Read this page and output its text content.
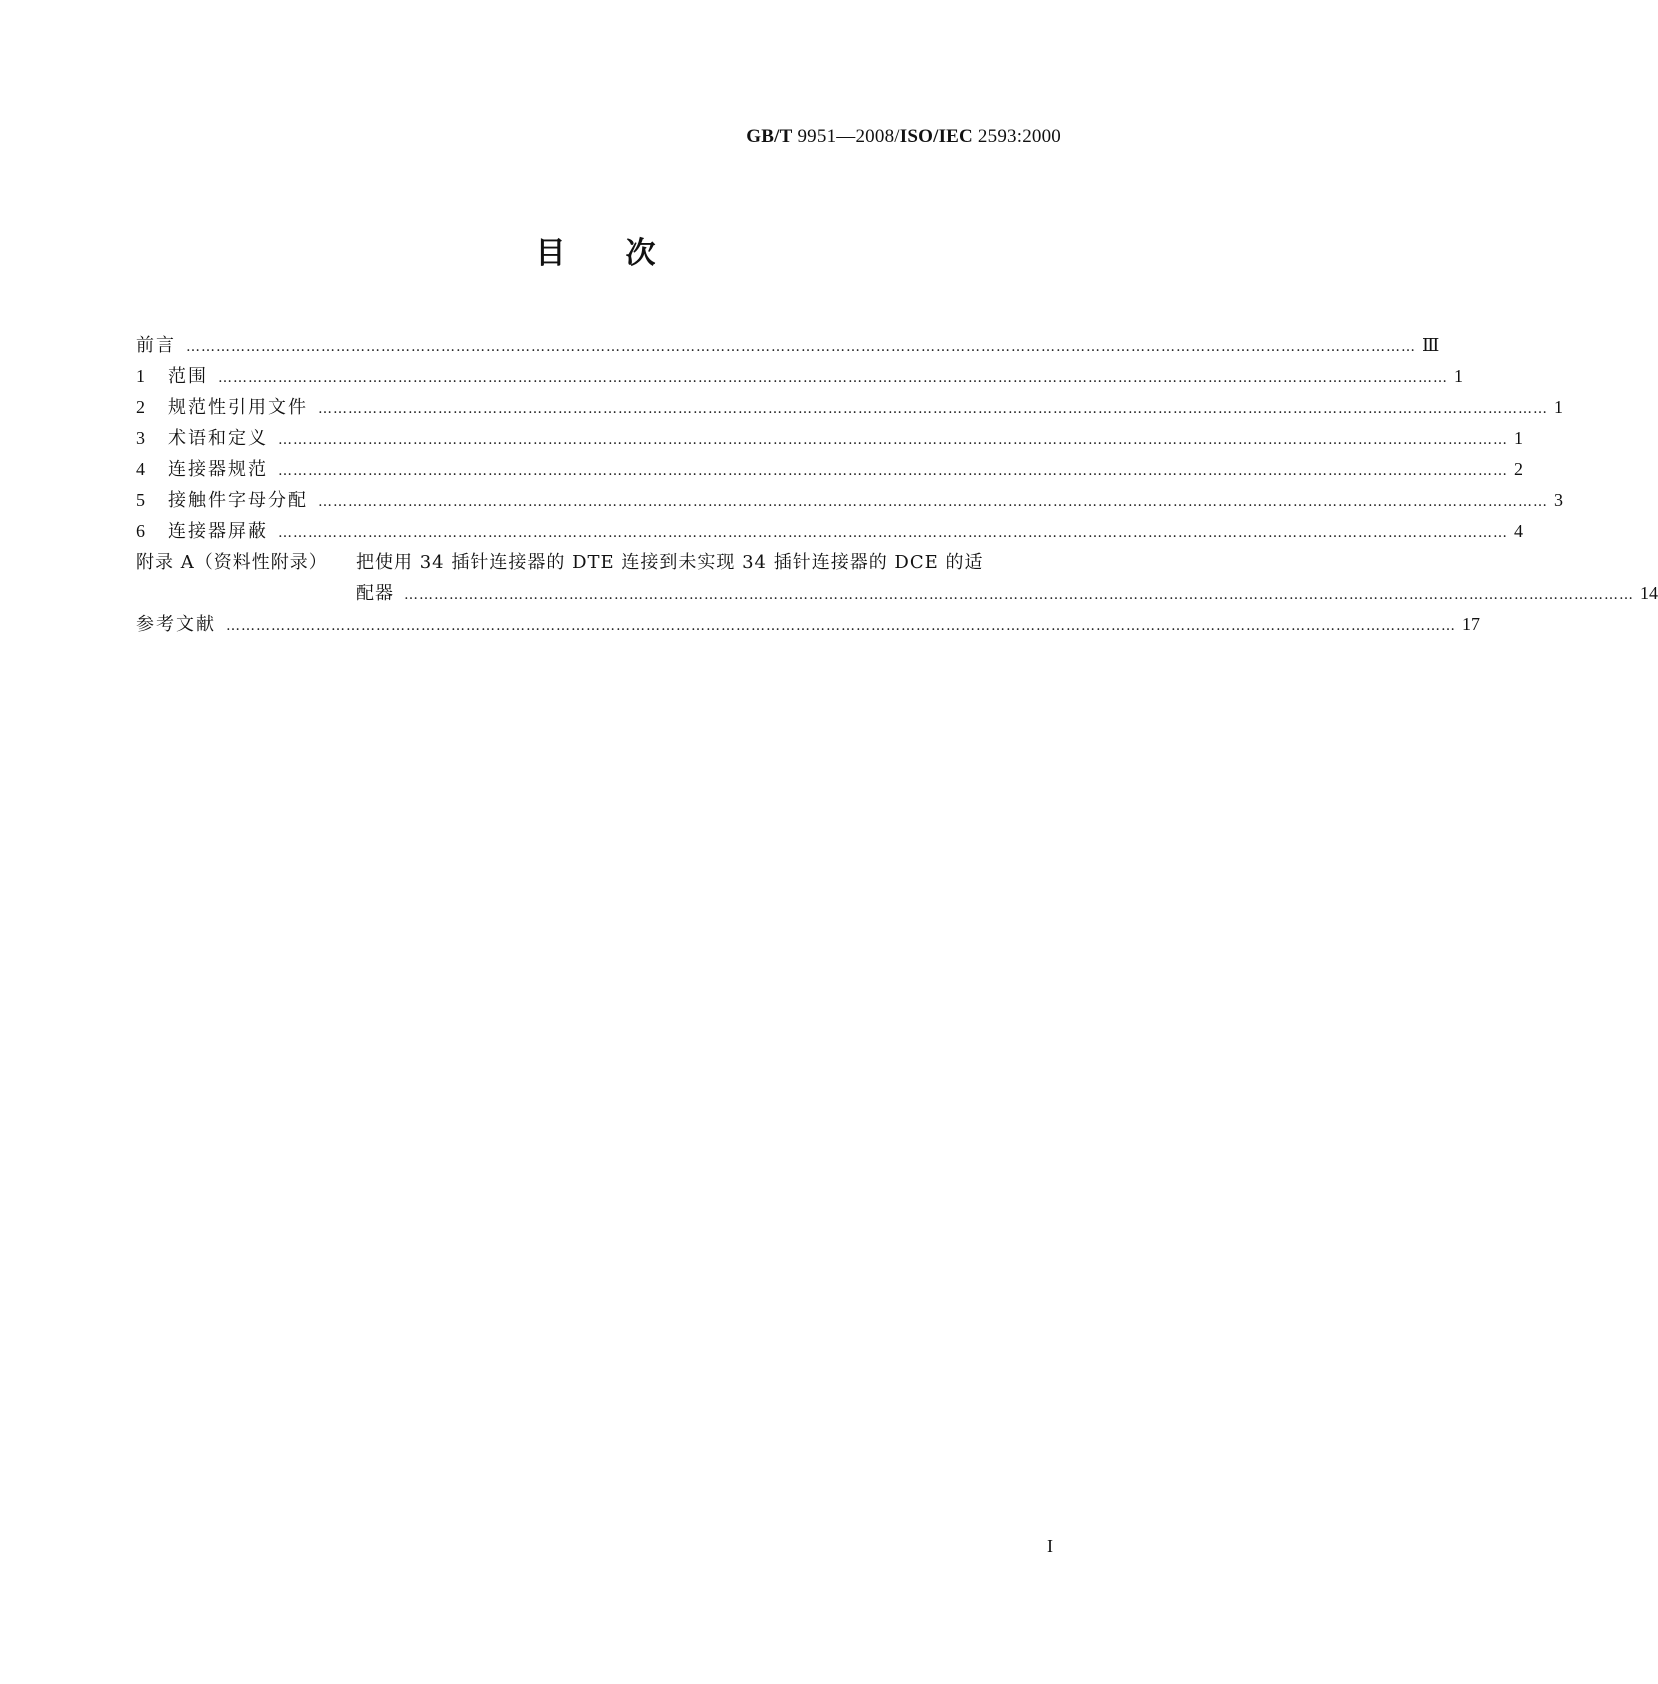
GB/T 9951—2008/ISO/IEC 2593:2000
目次
前言 …………………………………………………………………………………………………………………………………………………………………………………………………………………………	Ⅲ
1	范围 …………………………………………………………………………………………………………………………………………………………………………………………………………………………	1
2	规范性引用文件 …………………………………………………………………………………………………………………………………………………………………………………………………………………………	1
3	术语和定义 …………………………………………………………………………………………………………………………………………………………………………………………………………………………	1
4	连接器规范 …………………………………………………………………………………………………………………………………………………………………………………………………………………………	2
5	接触件字母分配 …………………………………………………………………………………………………………………………………………………………………………………………………………………………	3
6	连接器屏蔽 …………………………………………………………………………………………………………………………………………………………………………………………………………………………	4
附录 A（资料性附录）	把使用 34 插针连接器的 DTE 连接到未实现 34 插针连接器的 DCE 的适
配器 …………………………………………………………………………………………………………………………………………………………………………………………………………………………	14
参考文献 …………………………………………………………………………………………………………………………………………………………………………………………………………………………	17
I
